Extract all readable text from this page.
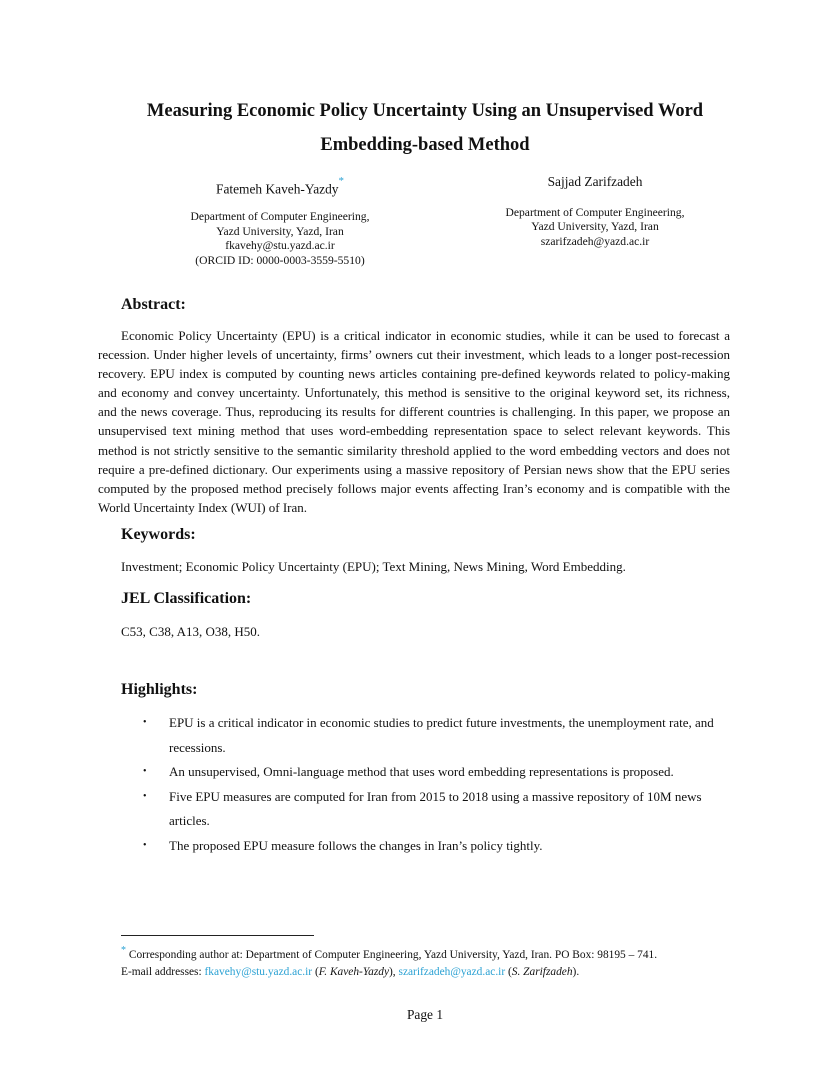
Measuring Economic Policy Uncertainty Using an Unsupervised Word
Embedding-based Method
Fatemeh Kaveh-Yazdy*
Department of Computer Engineering,
Yazd University, Yazd, Iran
fkavehy@stu.yazd.ac.ir
(ORCID ID: 0000-0003-3559-5510)
Sajjad Zarifzadeh
Department of Computer Engineering,
Yazd University, Yazd, Iran
szarifzadeh@yazd.ac.ir
Abstract:

Economic Policy Uncertainty (EPU) is a critical indicator in economic studies, while it can be used to forecast a recession. Under higher levels of uncertainty, firms’ owners cut their investment, which leads to a longer post-recession recovery. EPU index is computed by counting news articles containing pre-defined keywords related to policy-making and economy and convey uncertainty. Unfortunately, this method is sensitive to the original keyword set, its richness, and the news coverage. Thus, reproducing its results for different countries is challenging. In this paper, we propose an unsupervised text mining method that uses word-embedding representation space to select relevant keywords. This method is not strictly sensitive to the semantic similarity threshold applied to the word embedding vectors and does not require a pre-defined dictionary. Our experiments using a massive repository of Persian news show that the EPU series computed by the proposed method precisely follows major events affecting Iran’s economy and is compatible with the World Uncertainty Index (WUI) of Iran.

Keywords:
Investment; Economic Policy Uncertainty (EPU); Text Mining, News Mining, Word Embedding.
JEL Classification:
C53, C38, A13, O38, H50.
Highlights:
• EPU is a critical indicator in economic studies to predict future investments, the unemployment rate, and recessions.
• An unsupervised, Omni-language method that uses word embedding representations is proposed.
• Five EPU measures are computed for Iran from 2015 to 2018 using a massive repository of 10M news articles.
• The proposed EPU measure follows the changes in Iran’s policy tightly.
* Corresponding author at: Department of Computer Engineering, Yazd University, Yazd, Iran. PO Box: 98195 – 741.
E-mail addresses: fkavehy@stu.yazd.ac.ir (F. Kaveh-Yazdy), szarifzadeh@yazd.ac.ir (S. Zarifzadeh).
Page 1
